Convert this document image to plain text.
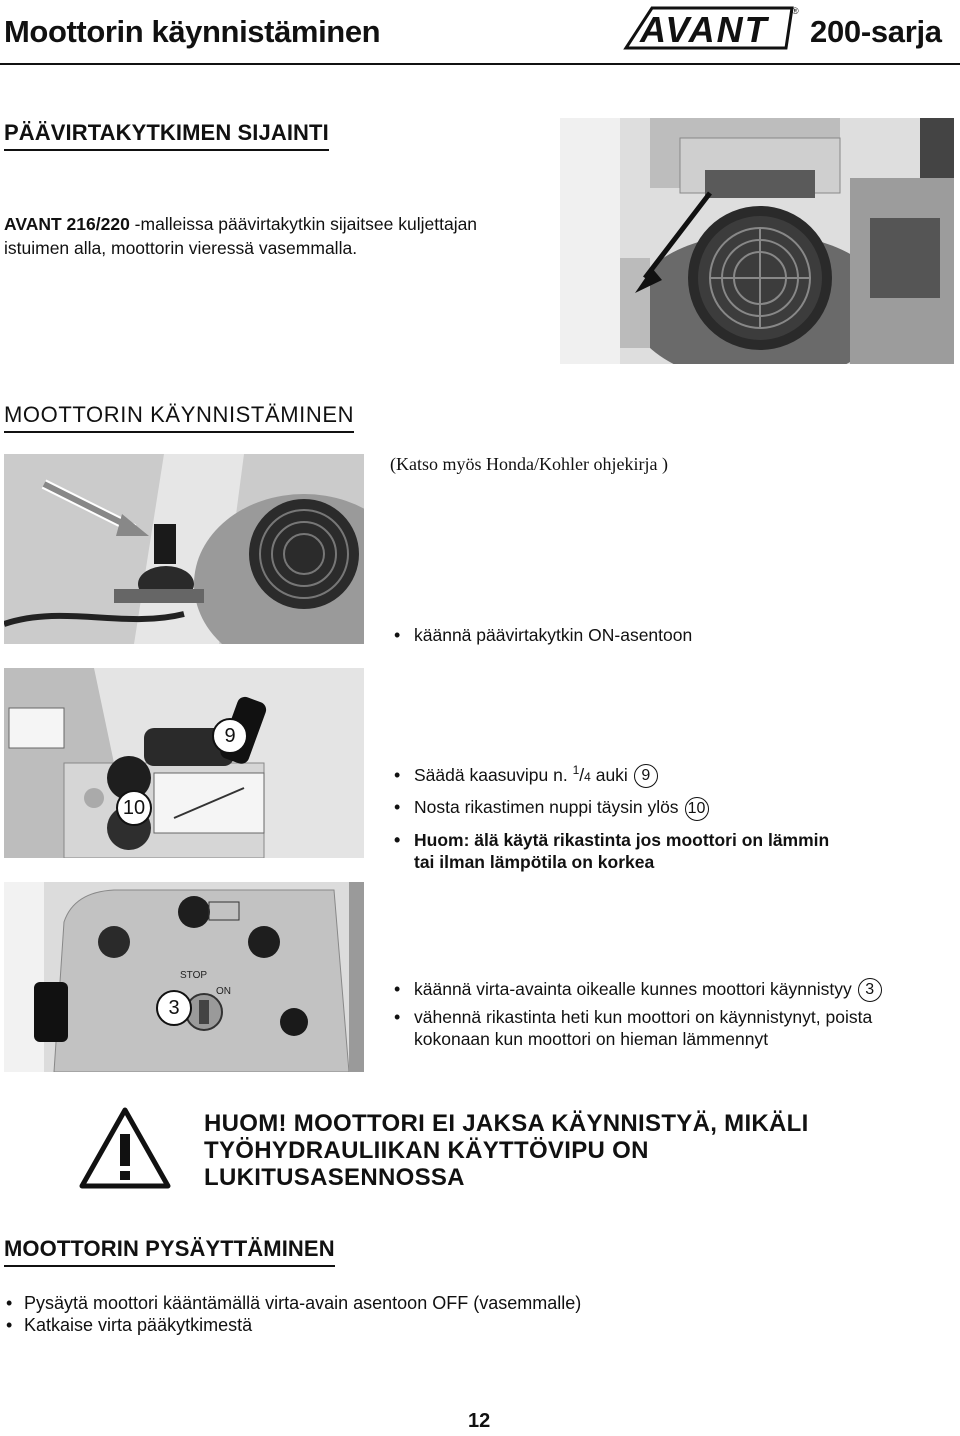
Moottorin käynnistäminen	AVANT	®
200-sarja
PÄÄVIRTAKYTKIMEN SIJAINTI
AVANT 216/220 -malleissa päävirtakytkin sijaitsee kuljettajan
istuimen alla, moottorin vieressä vasemmalla.
MOOTTORIN KÄYNNISTÄMINEN
(Katso myös Honda/Kohler ohjekirja )
• käännä päävirtakytkin ON-asentoon
9
10
• Säädä kaasuvipu n. $^1$/4 auki 9
• Nosta rikastimen nuppi täysin ylös 10
• Huom: älä käytä rikastinta jos moottori on lämmin
tai ilman lämpötila on korkea
STOP
ON
3
• käännä virta-avainta oikealle kunnes moottori käynnistyy 3
• vähennä rikastinta heti kun moottori on käynnistynyt, poista
kokonaan kun moottori on hieman lämmennyt
HUOM! MOOTTORI EI JAKSA KÄYNNISTYÄ, MIKÄLI
TYÖHYDRAULIIKAN KÄYTTÖVIPU ON
LUKITUSASENNOSSA
MOOTTORIN PYSÄYTTÄMINEN
• Pysäytä moottori kääntämällä virta-avain asentoon OFF (vasemmalle)
• Katkaise virta pääkytkimestä
12
